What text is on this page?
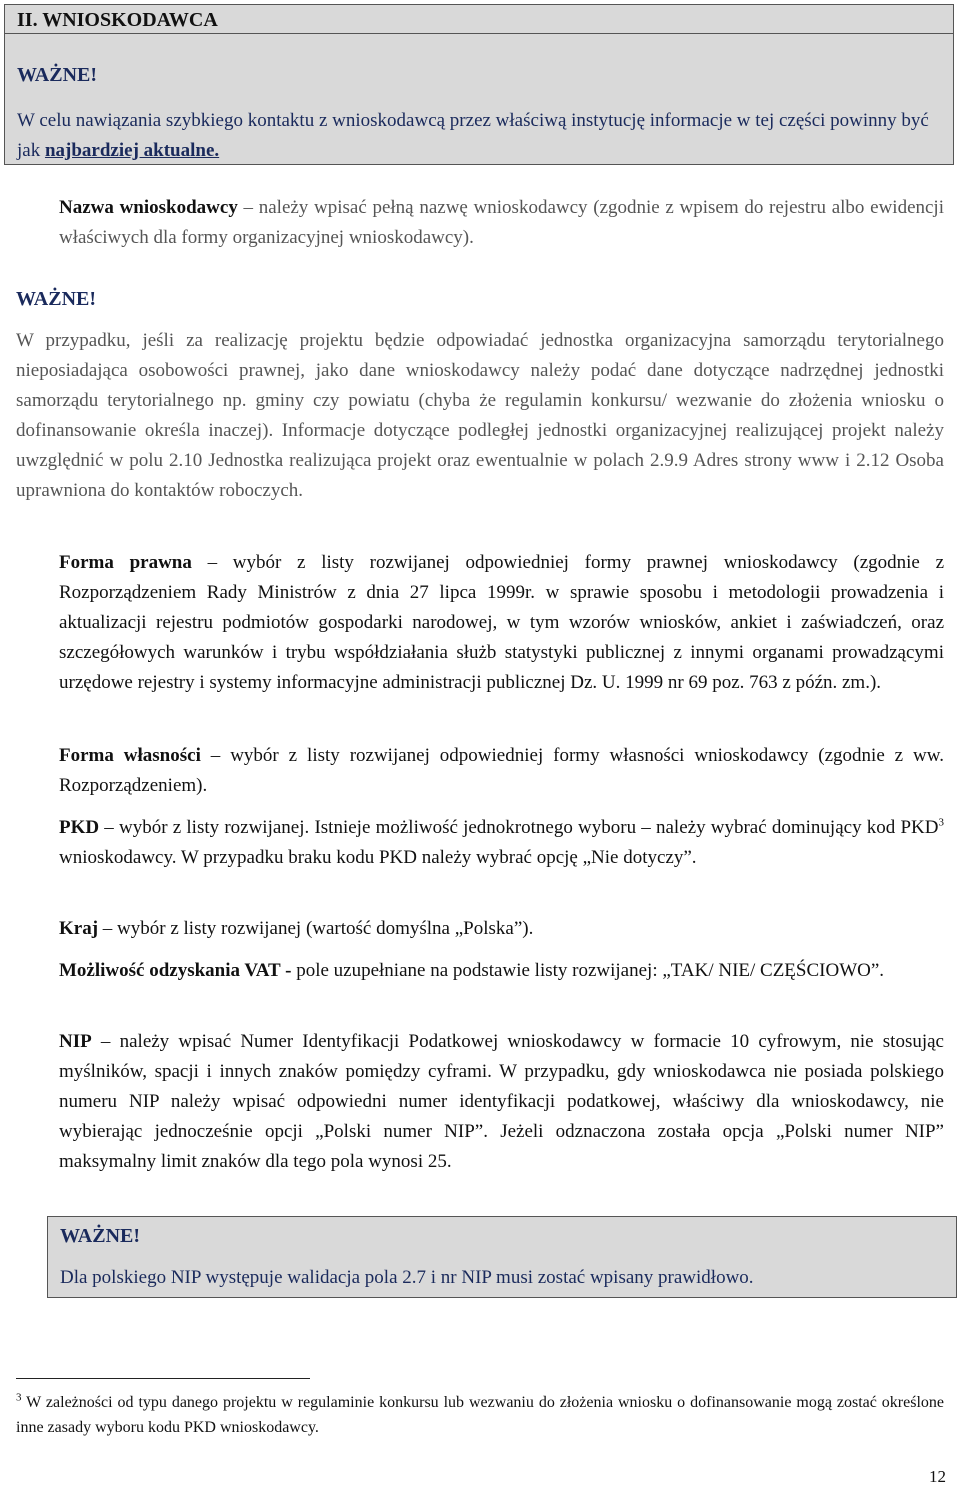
II. WNIOSKODAWCA
WAŻNE!
W celu nawiązania szybkiego kontaktu z wnioskodawcą przez właściwą instytucję informacje w tej części powinny być jak najbardziej aktualne.
Nazwa wnioskodawcy – należy wpisać pełną nazwę wnioskodawcy (zgodnie z wpisem do rejestru albo ewidencji właściwych dla formy organizacyjnej wnioskodawcy).
WAŻNE!
W przypadku, jeśli za realizację projektu będzie odpowiadać jednostka organizacyjna samorządu terytorialnego nieposiadająca osobowości prawnej, jako dane wnioskodawcy należy podać dane dotyczące nadrzędnej jednostki samorządu terytorialnego np. gminy czy powiatu (chyba że regulamin konkursu/ wezwanie do złożenia wniosku o dofinansowanie określa inaczej). Informacje dotyczące podległej jednostki organizacyjnej realizującej projekt należy uwzględnić w polu 2.10 Jednostka realizująca projekt oraz ewentualnie w polach 2.9.9 Adres strony www i 2.12 Osoba uprawniona do kontaktów roboczych.
Forma prawna – wybór z listy rozwijanej odpowiedniej formy prawnej wnioskodawcy (zgodnie z Rozporządzeniem Rady Ministrów z dnia 27 lipca 1999r. w sprawie sposobu i metodologii prowadzenia i aktualizacji rejestru podmiotów gospodarki narodowej, w tym wzorów wniosków, ankiet i zaświadczeń, oraz szczegółowych warunków i trybu współdziałania służb statystyki publicznej z innymi organami prowadzącymi urzędowe rejestry i systemy informacyjne administracji publicznej Dz. U. 1999 nr 69 poz. 763 z późn. zm.).
Forma własności – wybór z listy rozwijanej odpowiedniej formy własności wnioskodawcy (zgodnie z ww. Rozporządzeniem).
PKD – wybór z listy rozwijanej. Istnieje możliwość jednokrotnego wyboru – należy wybrać dominujący kod PKD$^3$ wnioskodawcy. W przypadku braku kodu PKD należy wybrać opcję „Nie dotyczy”.
Kraj – wybór z listy rozwijanej (wartość domyślna „Polska”).
Możliwość odzyskania VAT - pole uzupełniane na podstawie listy rozwijanej: „TAK/ NIE/ CZĘŚCIOWO”.
NIP – należy wpisać Numer Identyfikacji Podatkowej wnioskodawcy w formacie 10 cyfrowym, nie stosując myślników, spacji i innych znaków pomiędzy cyframi. W przypadku, gdy wnioskodawca nie posiada polskiego numeru NIP należy wpisać odpowiedni numer identyfikacji podatkowej, właściwy dla wnioskodawcy, nie wybierając jednocześnie opcji „Polski numer NIP”. Jeżeli odznaczona została opcja „Polski numer NIP” maksymalny limit znaków dla tego pola wynosi 25.
WAŻNE!
Dla polskiego NIP występuje walidacja pola 2.7 i nr NIP musi zostać wpisany prawidłowo.
$^3$ W zależności od typu danego projektu w regulaminie konkursu lub wezwaniu do złożenia wniosku o dofinansowanie mogą zostać określone inne zasady wyboru kodu PKD wnioskodawcy.
12
